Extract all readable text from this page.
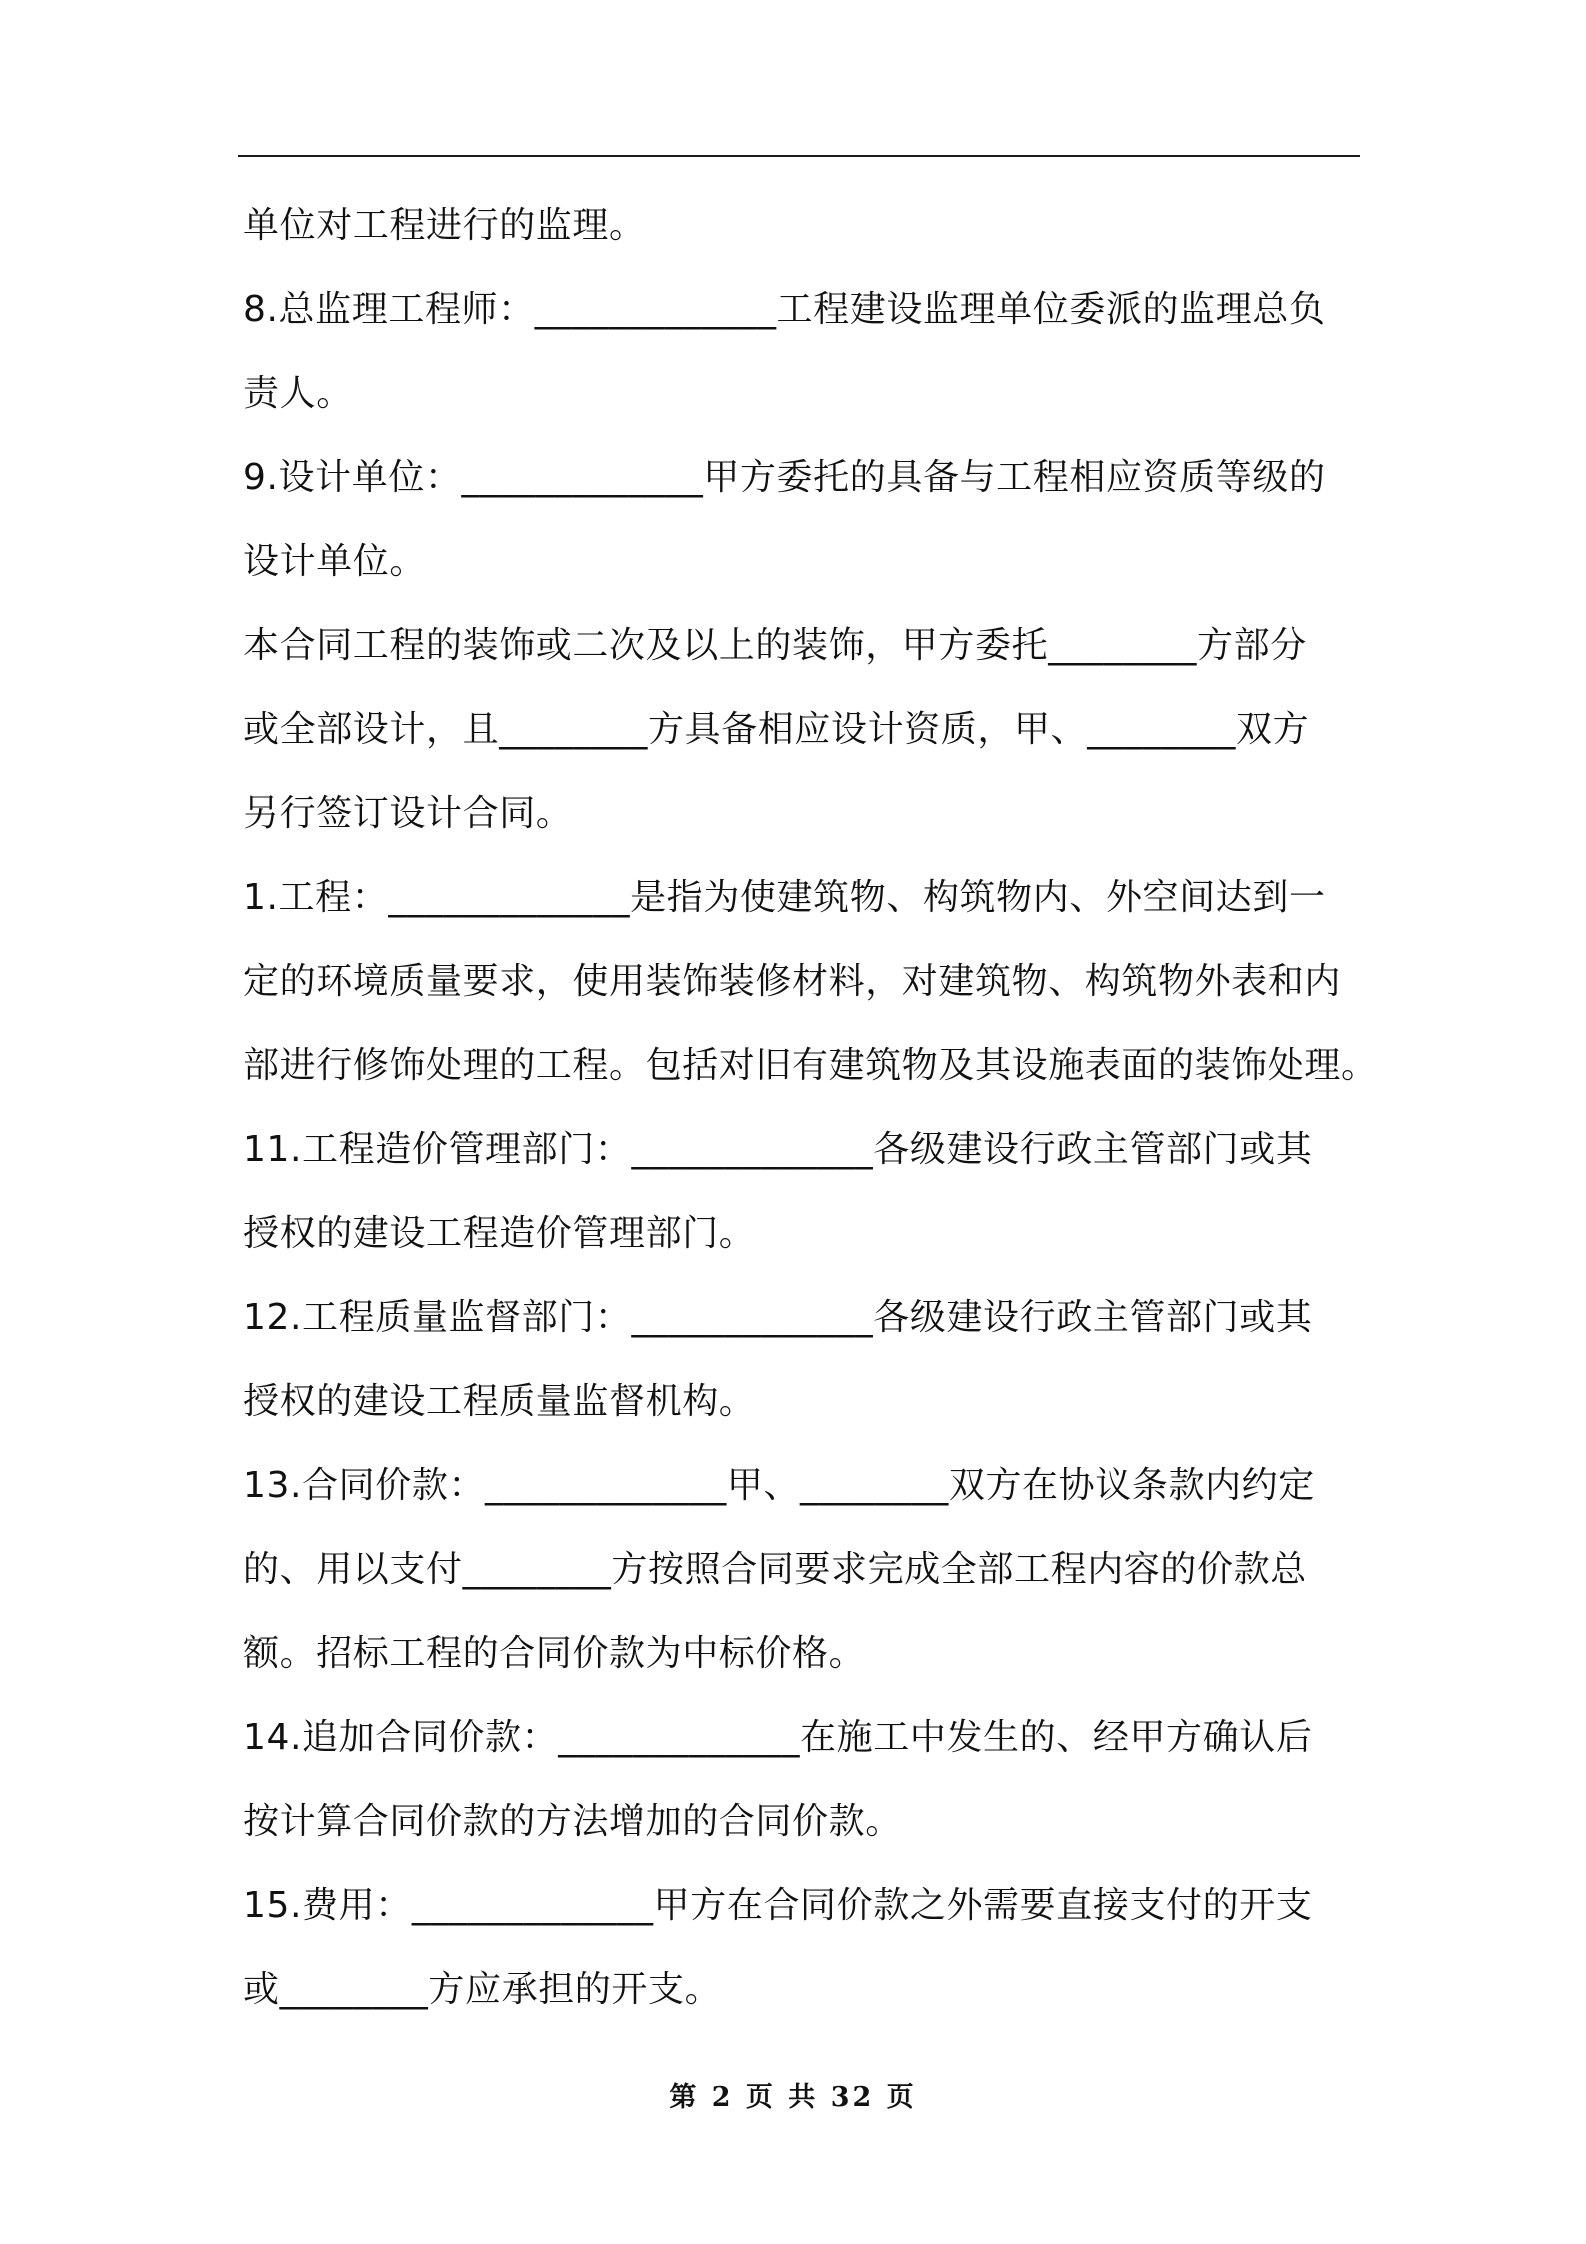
单位对工程进行的监理。
8.总监理工程师：_____________工程建设监理单位委派的监理总负
责人。
9.设计单位：_____________甲方委托的具备与工程相应资质等级的
设计单位。
本合同工程的装饰或二次及以上的装饰，甲方委托________方部分
或全部设计，且________方具备相应设计资质，甲、________双方
另行签订设计合同。
1.工程：_____________是指为使建筑物、构筑物内、外空间达到一
定的环境质量要求，使用装饰装修材料，对建筑物、构筑物外表和内
部进行修饰处理的工程。包括对旧有建筑物及其设施表面的装饰处理。
11.工程造价管理部门：_____________各级建设行政主管部门或其
授权的建设工程造价管理部门。
12.工程质量监督部门：_____________各级建设行政主管部门或其
授权的建设工程质量监督机构。
13.合同价款：_____________甲、________双方在协议条款内约定
的、用以支付________方按照合同要求完成全部工程内容的价款总
额。招标工程的合同价款为中标价格。
14.追加合同价款：_____________在施工中发生的、经甲方确认后
按计算合同价款的方法增加的合同价款。
15.费用：_____________甲方在合同价款之外需要直接支付的开支
或________方应承担的开支。
第 2 页 共 32 页
